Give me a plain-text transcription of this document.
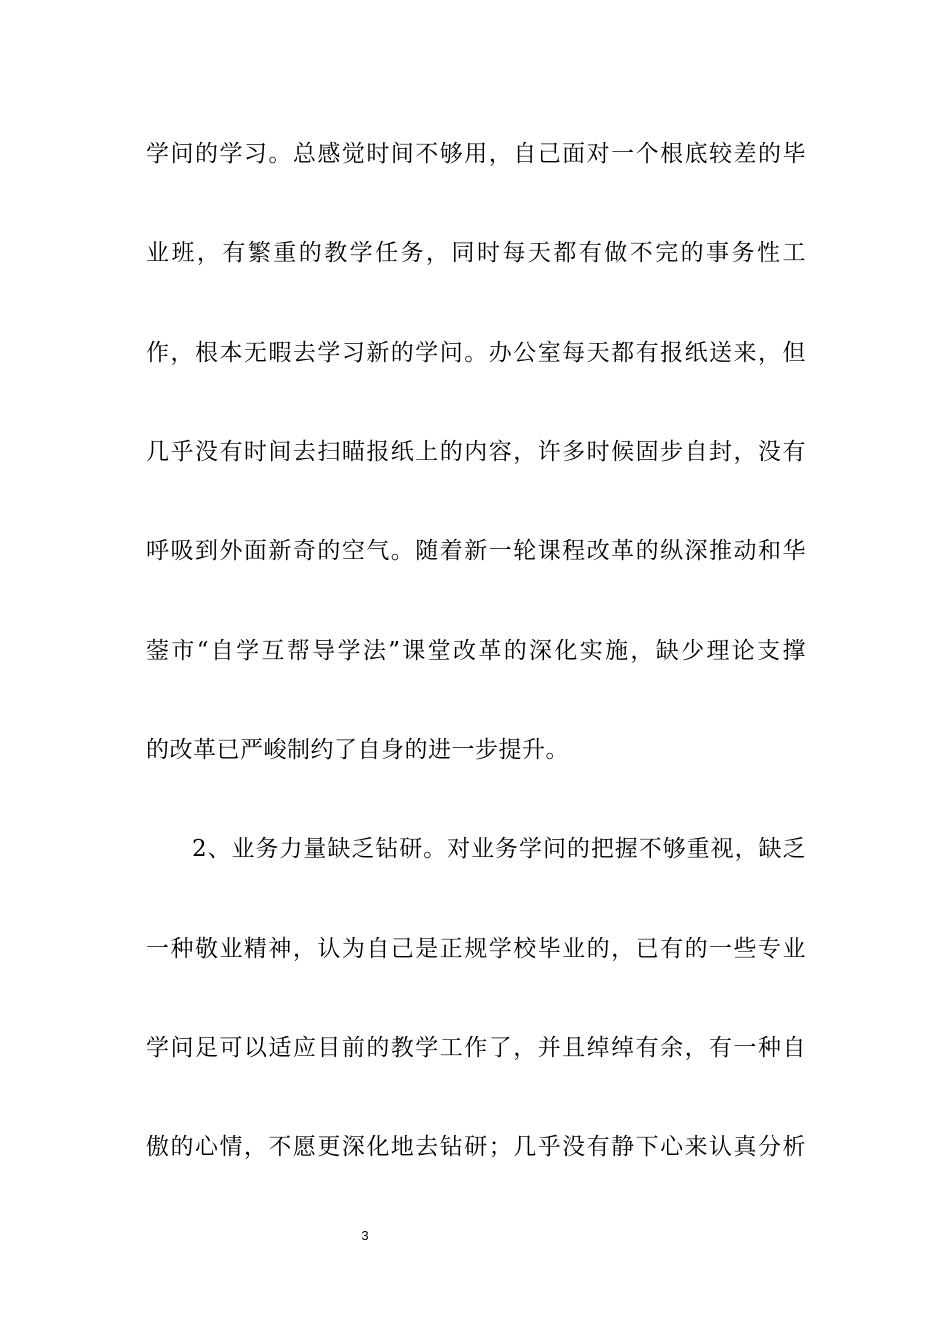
学问的学习。总感觉时间不够用，自己面对一个根底较差的毕
业班，有繁重的教学任务，同时每天都有做不完的事务性工
作，根本无暇去学习新的学问。办公室每天都有报纸送来，但
几乎没有时间去扫瞄报纸上的内容，许多时候固步自封，没有
呼吸到外面新奇的空气。随着新一轮课程改革的纵深推动和华
蓥市“自学互帮导学法”课堂改革的深化实施，缺少理论支撑
的改革已严峻制约了自身的进一步提升。
2、业务力量缺乏钻研。对业务学问的把握不够重视，缺乏
一种敬业精神，认为自己是正规学校毕业的，已有的一些专业
学问足可以适应目前的教学工作了，并且绰绰有余，有一种自
傲的心情，不愿更深化地去钻研；几乎没有静下心来认真分析
3
